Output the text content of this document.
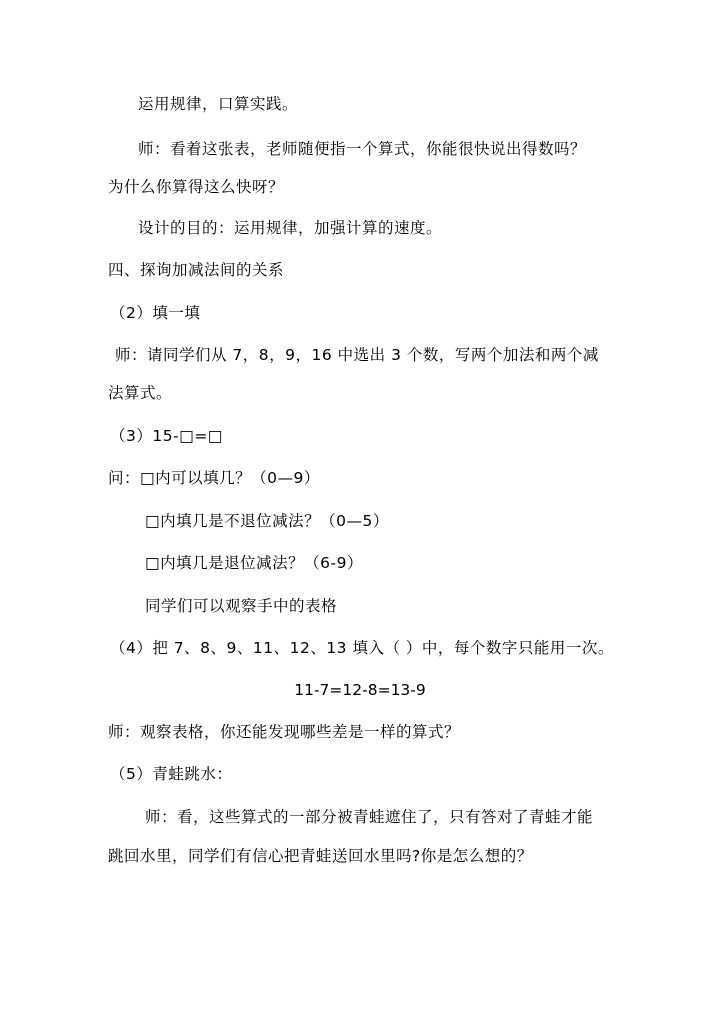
运用规律，口算实践。
师：看着这张表，老师随便指一个算式，你能很快说出得数吗？
为什么你算得这么快呀？
设计的目的：运用规律，加强计算的速度。
四、探询加减法间的关系
（2）填一填
师：请同学们从 7，8，9，16 中选出 3 个数，写两个加法和两个减
法算式。
（3）15-□=□
问：□内可以填几？（0—9）
□内填几是不退位减法？（0—5）
□内填几是退位减法？（6-9）
同学们可以观察手中的表格
（4）把 7、8、9、11、12、13 填入（ ）中，每个数字只能用一次。
11-7=12-8=13-9
师：观察表格，你还能发现哪些差是一样的算式？
（5）青蛙跳水：
师：看，这些算式的一部分被青蛙遮住了，只有答对了青蛙才能
跳回水里，同学们有信心把青蛙送回水里吗?你是怎么想的？
